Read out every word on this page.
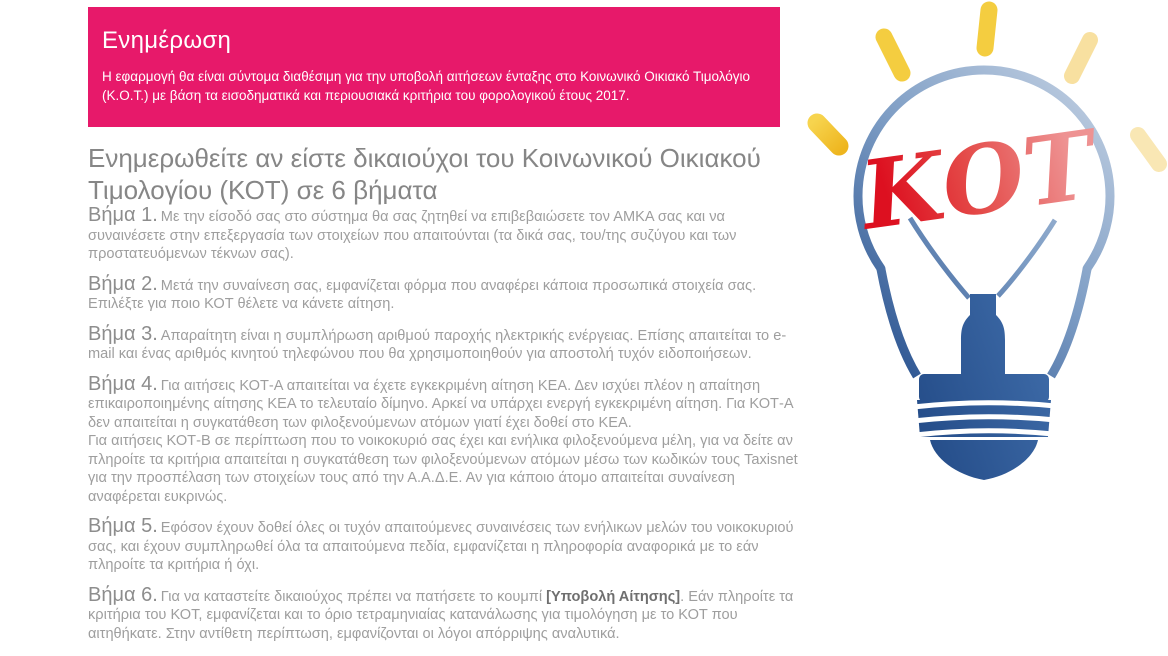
Ενημέρωση

Η εφαρμογή θα είναι σύντομα διαθέσιμη για την υποβολή αιτήσεων ένταξης στο Κοινωνικό Οικιακό Τιμολόγιο (Κ.Ο.Τ.) με βάση τα εισοδηματικά και περιουσιακά κριτήρια του φορολογικού έτους 2017.

Ενημερωθείτε αν είστε δικαιούχοι του Κοινωνικού Οικιακού Τιμολογίου (ΚΟΤ) σε 6 βήματα

Βήμα 1. Με την είσοδό σας στο σύστημα θα σας ζητηθεί να επιβεβαιώσετε τον ΑΜΚΑ σας και να συναινέσετε στην επεξεργασία των στοιχείων που απαιτούνται (τα δικά σας, του/της συζύγου και των προστατευόμενων τέκνων σας).

Βήμα 2. Μετά την συναίνεση σας, εμφανίζεται φόρμα που αναφέρει κάποια προσωπικά στοιχεία σας. Επιλέξτε για ποιο ΚΟΤ θέλετε να κάνετε αίτηση.

Βήμα 3. Απαραίτητη είναι η συμπλήρωση αριθμού παροχής ηλεκτρικής ενέργειας. Επίσης απαιτείται το e-mail και ένας αριθμός κινητού τηλεφώνου που θα χρησιμοποιηθούν για αποστολή τυχόν ειδοποιήσεων.

Βήμα 4. Για αιτήσεις ΚΟΤ-Α απαιτείται να έχετε εγκεκριμένη αίτηση ΚΕΑ. Δεν ισχύει πλέον η απαίτηση επικαιροποιημένης αίτησης ΚΕΑ το τελευταίο δίμηνο. Αρκεί να υπάρχει ενεργή εγκεκριμένη αίτηση. Για ΚΟΤ-Α δεν απαιτείται η συγκατάθεση των φιλοξενούμενων ατόμων γιατί έχει δοθεί στο ΚΕΑ.
Για αιτήσεις ΚΟΤ-Β σε περίπτωση που το νοικοκυριό σας έχει και ενήλικα φιλοξενούμενα μέλη, για να δείτε αν πληροίτε τα κριτήρια απαιτείται η συγκατάθεση των φιλοξενούμενων ατόμων μέσω των κωδικών τους Taxisnet για την προσπέλαση των στοιχείων τους από την Α.Α.Δ.Ε. Αν για κάποιο άτομο απαιτείται συναίνεση αναφέρεται ευκρινώς.

Βήμα 5. Εφόσον έχουν δοθεί όλες οι τυχόν απαιτούμενες συναινέσεις των ενήλικων μελών του νοικοκυριού σας, και έχουν συμπληρωθεί όλα τα απαιτούμενα πεδία, εμφανίζεται η πληροφορία αναφορικά με το εάν πληροίτε τα κριτήρια ή όχι.

Βήμα 6. Για να καταστείτε δικαιούχος πρέπει να πατήσετε το κουμπί [Υποβολή Αίτησης]. Εάν πληροίτε τα κριτήρια του ΚΟΤ, εμφανίζεται και το όριο τετραμηνιαίας κατανάλωσης για τιμολόγηση με το ΚΟΤ που αιτηθήκατε. Στην αντίθετη περίπτωση, εμφανίζονται οι λόγοι απόρριψης αναλυτικά.

ΚΟΤ
